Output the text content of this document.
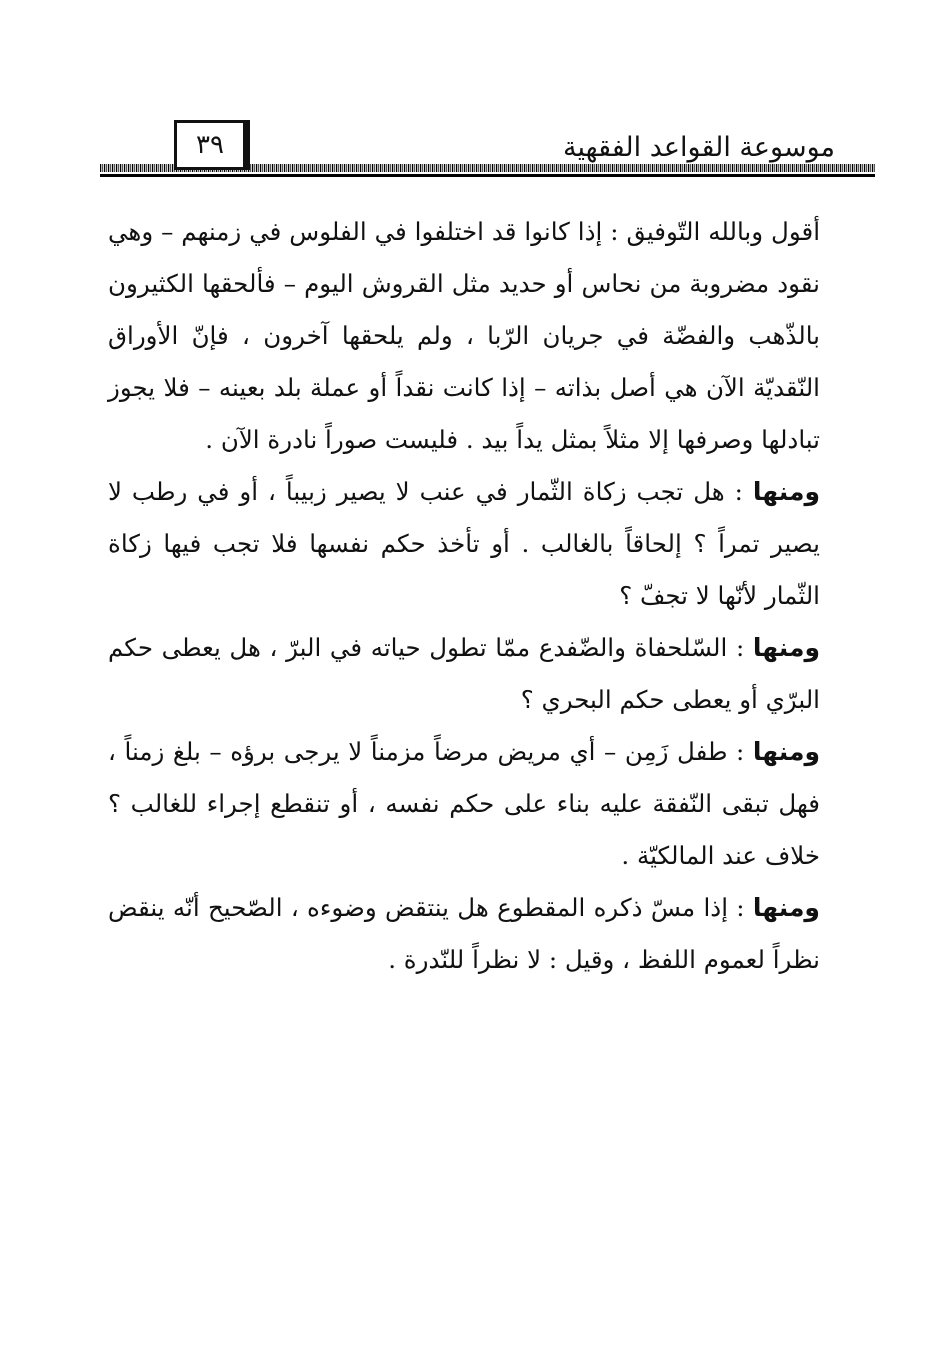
موسوعة القواعد الفقهية
٣٩

أقول وبالله التّوفيق : إذا كانوا قد اختلفوا في الفلوس في زمنهم – وهي نقود مضروبة من نحاس أو حديد مثل القروش اليوم – فألحقها الكثيرون بالذّهب والفضّة في جريان الرّبا ، ولم يلحقها آخرون ، فإنّ الأوراق النّقديّة الآن هي أصل بذاته – إذا كانت نقداً أو عملة بلد بعينه – فلا يجوز تبادلها وصرفها إلا مثلاً بمثل يداً بيد . فليست صوراً نادرة الآن .

ومنها : هل تجب زكاة الثّمار في عنب لا يصير زبيباً ، أو في رطب لا يصير تمراً ؟ إلحاقاً بالغالب . أو تأخذ حكم نفسها فلا تجب فيها زكاة الثّمار لأنّها لا تجفّ ؟

ومنها : السّلحفاة والضّفدع ممّا تطول حياته في البرّ ، هل يعطى حكم البرّي أو يعطى حكم البحري ؟

ومنها : طفل زَمِن – أي مريض مرضاً مزمناً لا يرجى برؤه – بلغ زمناً ، فهل تبقى النّفقة عليه بناء على حكم نفسه ، أو تنقطع إجراء للغالب ؟ خلاف عند المالكيّة .

ومنها : إذا مسّ ذكره المقطوع هل ينتقض وضوءه ، الصّحيح أنّه ينقض نظراً لعموم اللفظ ، وقيل : لا نظراً للنّدرة .
